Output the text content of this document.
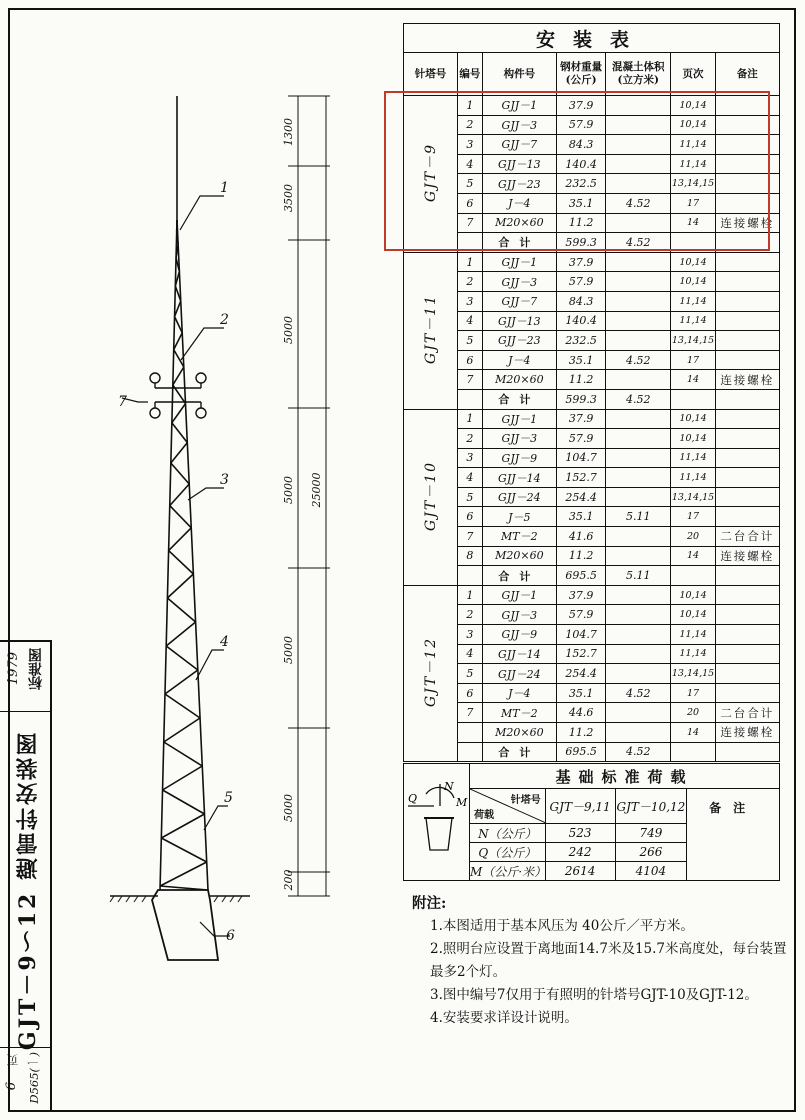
标准图
1979
GJT－9～12 避雷针安装图
D565(一)
页
6
1
2
3
4
5
6
7
1300
3500
5000
5000
5000
5000
200
25000
安装表						
针塔号	编号	构件号	钢材重量(公斤)	混凝土体积(立方米)	页次	备注
GJT－9	1	GJJ－1	37.9		10,14	
	2	GJJ－3	57.9		10,14	
	3	GJJ－7	84.3		11,14	
	4	GJJ－13	140.4		11,14	
	5	GJJ－23	232.5		13,14,15	
	6	J－4	35.1	4.52	17	
	7	M20×60	11.2		14	连接螺栓
		合计	599.3	4.52		
GJT－11	1	GJJ－1	37.9		10,14	
	2	GJJ－3	57.9		10,14	
	3	GJJ－7	84.3		11,14	
	4	GJJ－13	140.4		11,14	
	5	GJJ－23	232.5		13,14,15	
	6	J－4	35.1	4.52	17	
	7	M20×60	11.2		14	连接螺栓
		合计	599.3	4.52		
GJT－10	1	GJJ－1	37.9		10,14	
	2	GJJ－3	57.9		10,14	
	3	GJJ－9	104.7		11,14	
	4	GJJ－14	152.7		11,14	
	5	GJJ－24	254.4		13,14,15	
	6	J－5	35.1	5.11	17	
	7	MT－2	41.6		20	二台合计
	8	M20×60	11.2		14	连接螺栓
		合计	695.5	5.11		
GJT－12	1	GJJ－1	37.9		10,14	
	2	GJJ－3	57.9		10,14	
	3	GJJ－9	104.7		11,14	
	4	GJJ－14	152.7		11,14	
	5	GJJ－24	254.4		13,14,15	
	6	J－4	35.1	4.52	17	
	7	MT－2	44.6		20	二台合计
		M20×60	11.2		14	连接螺栓
		合计	695.5	4.52		
Q
N
M	基础标准荷载			

	针塔号
荷载	GJT－9,11	GJT－10,12	备注
	N（公斤）	523	749	
	Q（公斤）	242	266	
	M（公斤·米）	2614	4104	
附注:
1.本图适用于基本风压为 40公斤／平方米。
2.照明台应设置于离地面14.7米及15.7米高度处，每台装置最多2个灯。
3.图中编号7仅用于有照明的针塔号GJT-10及GJT-12。
4.安装要求详设计说明。
